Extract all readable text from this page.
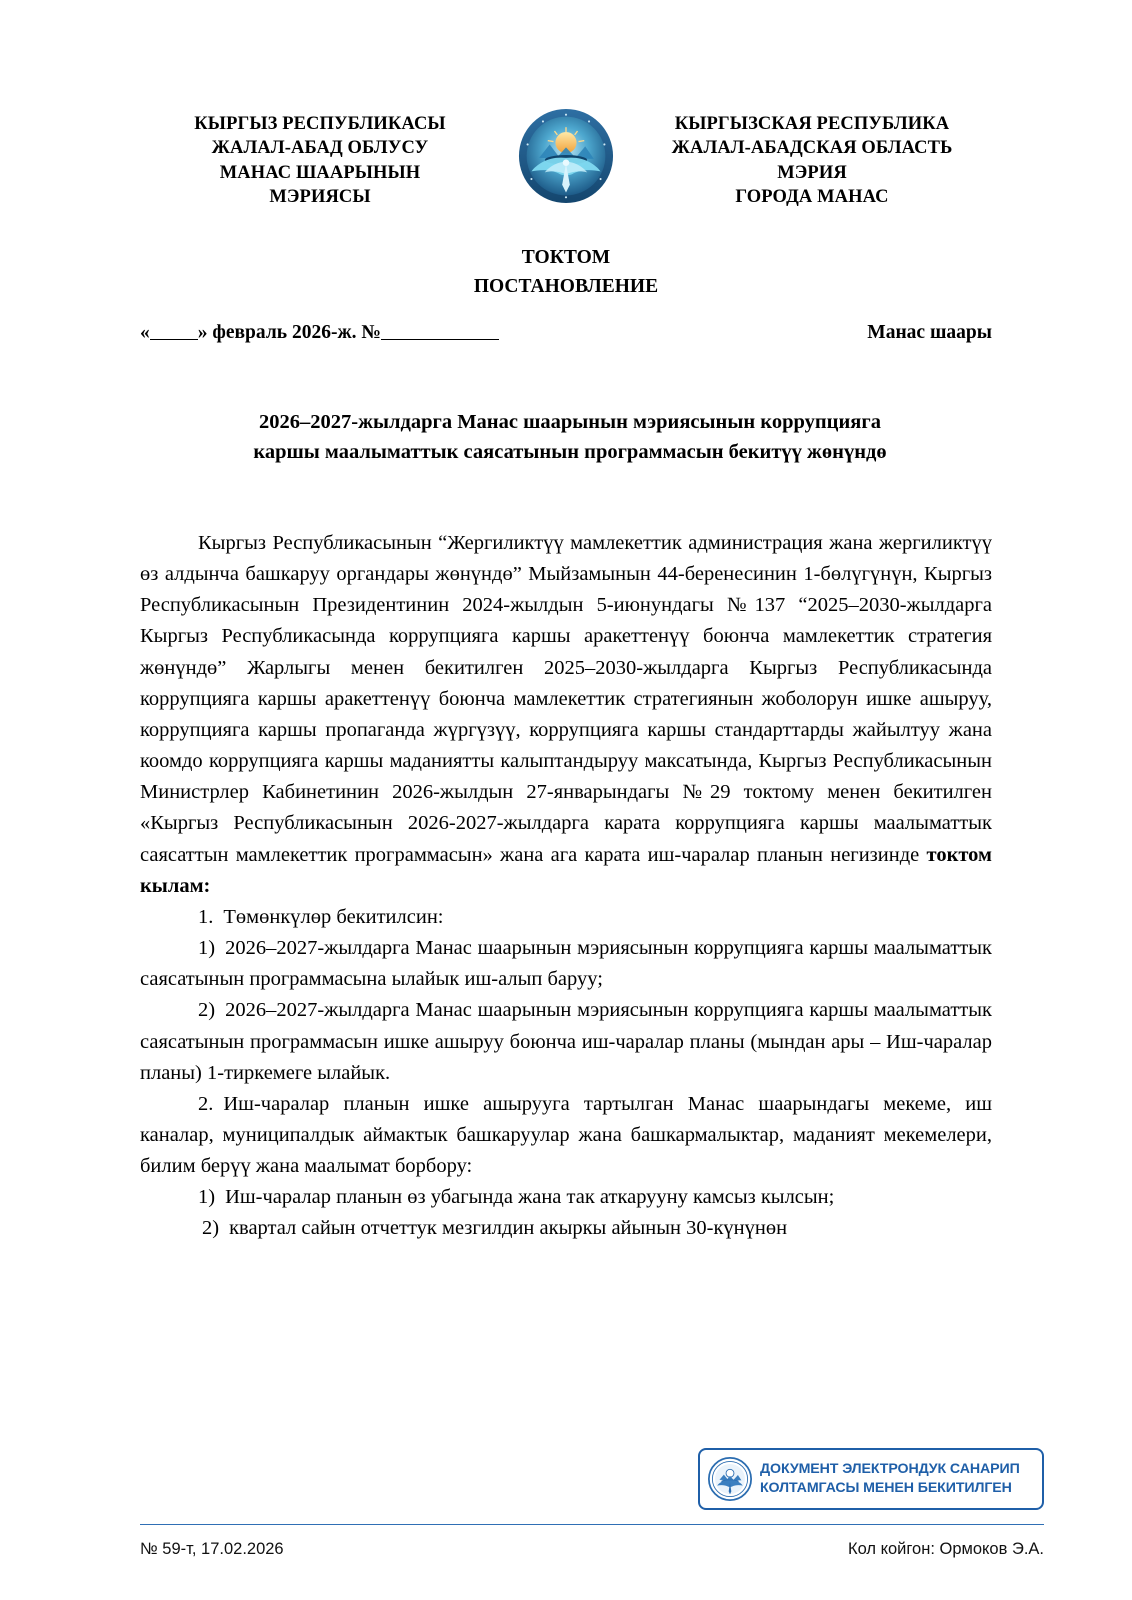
КЫРГЫЗ РЕСПУБЛИКАСЫ
ЖАЛАЛ-АБАД ОБЛУСУ
МАНАС ШААРЫНЫН
МЭРИЯСЫ
КЫРГЫЗСКАЯ РЕСПУБЛИКА
ЖАЛАЛ-АБАДСКАЯ ОБЛАСТЬ
МЭРИЯ
ГОРОДА МАНАС
ТОКТОМ
ПОСТАНОВЛЕНИЕ
« » февраль 2026-ж. №	Манас шаары
2026–2027-жылдарга Манас шаарынын мэриясынын коррупцияга каршы маалыматтык саясатынын программасын бекитүү жөнүндө

Кыргыз Республикасынын “Жергиликтүү мамлекеттик администрация жана жергиликтүү өз алдынча башкаруу органдары жөнүндө” Мыйзамынын 44-беренесинин 1-бөлүгүнүн, Кыргыз Республикасынын Президентинин 2024-жылдын 5-июнундагы №137 “2025–2030-жылдарга Кыргыз Республикасында коррупцияга каршы аракеттенүү боюнча мамлекеттик стратегия жөнүндө” Жарлыгы менен бекитилген 2025–2030-жылдарга Кыргыз Республикасында коррупцияга каршы аракеттенүү боюнча мамлекеттик стратегиянын жоболорун ишке ашыруу, коррупцияга каршы пропаганда жүргүзүү, коррупцияга каршы стандарттарды жайылтуу жана коомдо коррупцияга каршы маданиятты калыптандыруу максатында, Кыргыз Республикасынын Министрлер Кабинетинин 2026-жылдын 27-январындагы №29 токтому менен бекитилген «Кыргыз Республикасынын 2026-2027-жылдарга карата коррупцияга каршы маалыматтык саясаттын мамлекеттик программасын» жана ага карата иш-чаралар планын негизинде токтом кылам:

1. Төмөнкүлөр бекитилсин:

1) 2026–2027-жылдарга Манас шаарынын мэриясынын коррупцияга каршы маалыматтык саясатынын программасына ылайык иш-алып баруу;

2) 2026–2027-жылдарга Манас шаарынын мэриясынын коррупцияга каршы маалыматтык саясатынын программасын ишке ашыруу боюнча иш-чаралар планы (мындан ары – Иш-чаралар планы) 1-тиркемеге ылайык.

2. Иш-чаралар планын ишке ашырууга тартылган Манас шаарындагы мекеме, иш каналар, муниципалдык аймактык башкаруулар жана башкармалыктар, маданият мекемелери, билим берүү жана маалымат борбору:

1) Иш-чаралар планын өз убагында жана так аткарууну камсыз кылсын;

2) квартал сайын отчеттук мезгилдин акыркы айынын 30-күнүнөн

ДОКУМЕНТ ЭЛЕКТРОНДУК САНАРИП
КОЛТАМГАСЫ МЕНЕН БЕКИТИЛГЕН
№ 59-т, 17.02.2026	Кол койгон: Ормоков Э.А.
